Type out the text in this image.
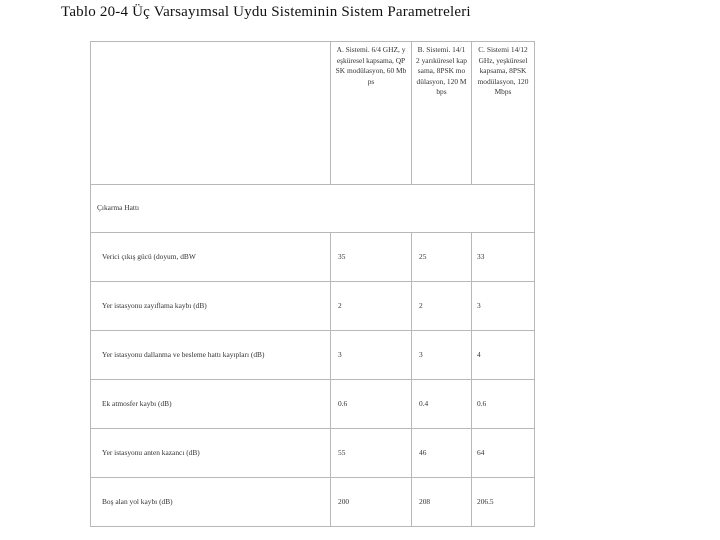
Tablo 20-4 Üç Varsayımsal Uydu Sisteminin Sistem Parametreleri

	A. Sistemi. 6/4 GHZ, yeşküresel kapsama, QPSK modülasyon, 60 Mbps	B. Sistemi. 14/12 yarıküresel kapsama, 8PSK modülasyon, 120 Mbps	C. Sistemi 14/12 GHz, yeşküresel kapsama, 8PSK modülasyon, 120 Mbps

Çıkarma Hattı			
Verici çıkış gücü (doyum, dBW	35	25	33
Yer istasyonu zayıflama kaybı (dB)	2	2	3
Yer istasyonu dallanma ve besleme hattı kayıpları (dB)	3	3	4
Ek atmosfer kaybı (dB)	0.6	0.4	0.6
Yer istasyonu anten kazancı (dB)	55	46	64
Boş alan yol kaybı (dB)	200	208	206.5
